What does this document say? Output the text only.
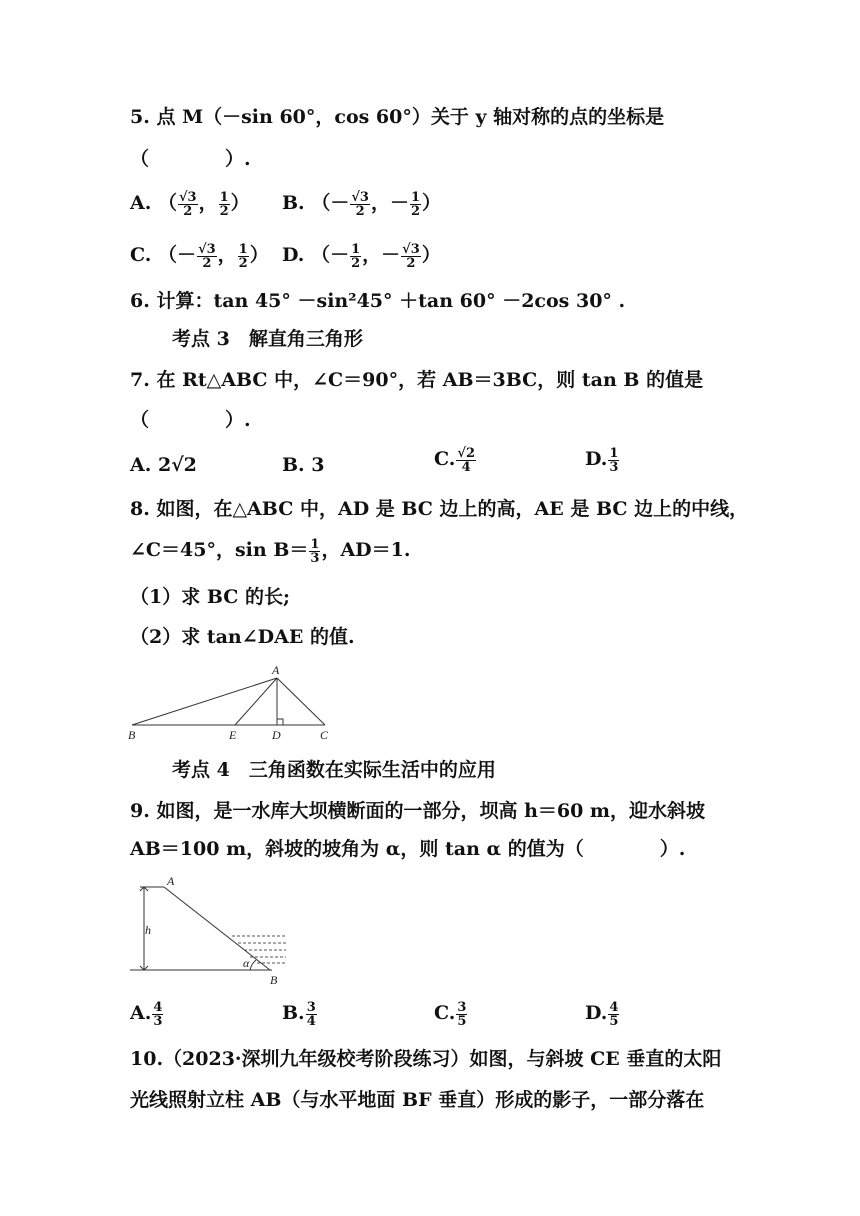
5. 点 M（－sin 60°，cos 60°）关于 y 轴对称的点的坐标是
（　　　　）.
A. （ $\frac{√3}{2}$ ， $\frac{1}{2}$ ） B. （－ $\frac{√3}{2}$ ，－ $\frac{1}{2}$ ）
C. （－ $\frac{√3}{2}$ ， $\frac{1}{2}$ ） D. （－ $\frac{1}{2}$ ，－ $\frac{√3}{2}$ ）
6. 计算：tan 45° －sin²45° ＋tan 60° －2cos 30° .
考点 3　解直角三角形
7. 在 Rt△ABC 中，∠C＝90°，若 AB＝3BC，则 tan B 的值是
（　　　　）.
A. 2√2	B. 3	C. $\frac{√2}{4}$	D. $\frac{1}{3}$
8. 如图，在△ABC 中，AD 是 BC 边上的高，AE 是 BC 边上的中线，
∠C＝45°，$\sin B= \frac{1}{3}$ ，AD＝1.
（1）求 BC 的长;
（2）求 tan∠DAE 的值.
A
B	E	D	C
考点 4　三角函数在实际生活中的应用
9. 如图，是一水库大坝横断面的一部分，坝高 h＝60 m，迎水斜坡
AB＝100 m，斜坡的坡角为 α，则 tan α 的值为（　　　　）.
A
h
α
B
A. $\frac{4}{3}$	B. $\frac{3}{4}$	C. $\frac{3}{5}$	D. $\frac{4}{5}$
10.（2023·深圳九年级校考阶段练习）如图，与斜坡 CE 垂直的太阳
光线照射立柱 AB（与水平地面 BF 垂直）形成的影子，一部分落在
